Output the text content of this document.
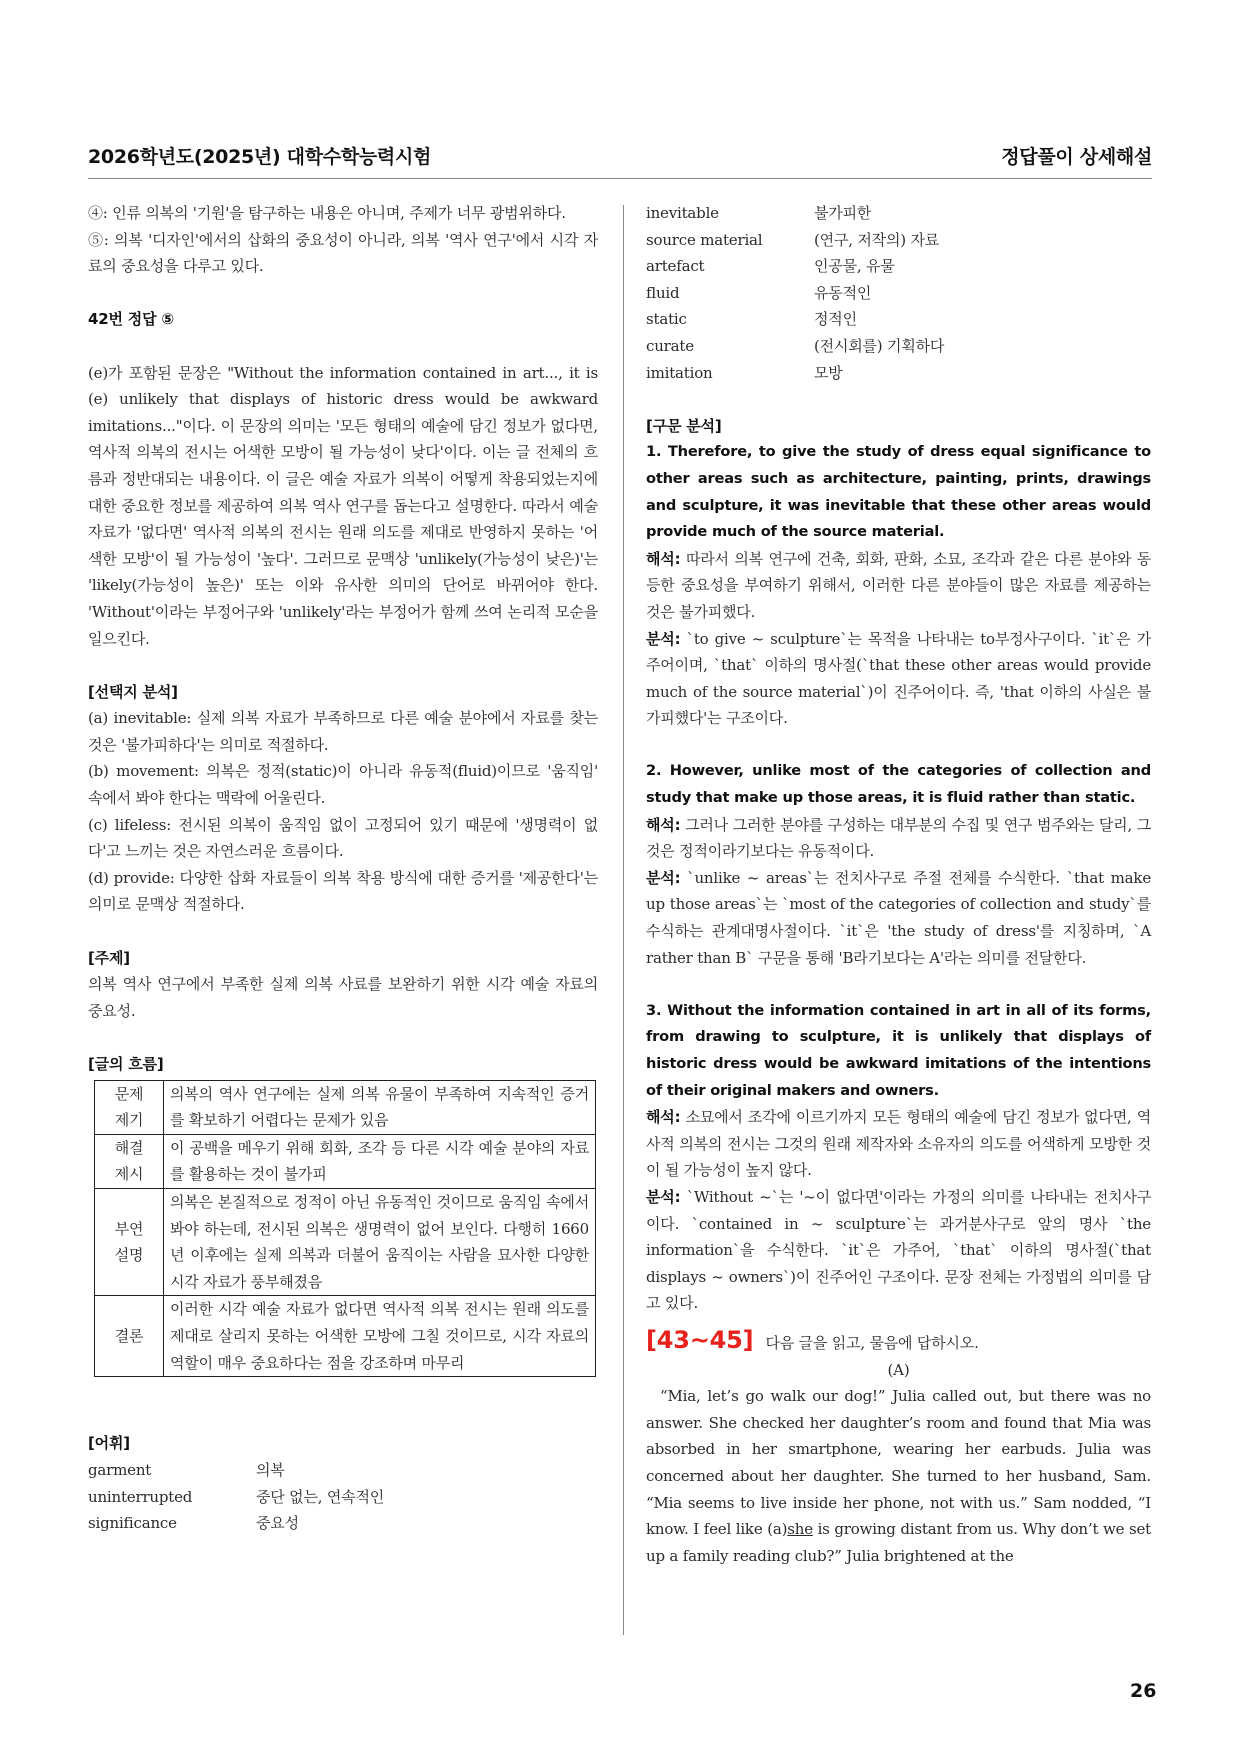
2026학년도(2025년) 대학수학능력시험	정답풀이 상세해설

④: 인류 의복의 '기원'을 탐구하는 내용은 아니며, 주제가 너무 광범위하다.

⑤: 의복 '디자인'에서의 삽화의 중요성이 아니라, 의복 '역사 연구'에서 시각 자료의 중요성을 다루고 있다.

42번 정답 ⑤

(e)가 포함된 문장은 "Without the information contained in art..., it is (e) unlikely that displays of historic dress would be awkward imitations..."이다. 이 문장의 의미는 '모든 형태의 예술에 담긴 정보가 없다면, 역사적 의복의 전시는 어색한 모방이 될 가능성이 낮다'이다. 이는 글 전체의 흐름과 정반대되는 내용이다. 이 글은 예술 자료가 의복이 어떻게 착용되었는지에 대한 중요한 정보를 제공하여 의복 역사 연구를 돕는다고 설명한다. 따라서 예술 자료가 '없다면' 역사적 의복의 전시는 원래 의도를 제대로 반영하지 못하는 '어색한 모방'이 될 가능성이 '높다'. 그러므로 문맥상 'unlikely(가능성이 낮은)'는 'likely(가능성이 높은)' 또는 이와 유사한 의미의 단어로 바뀌어야 한다. 'Without'이라는 부정어구와 'unlikely'라는 부정어가 함께 쓰여 논리적 모순을 일으킨다.

[선택지 분석]

(a) inevitable: 실제 의복 자료가 부족하므로 다른 예술 분야에서 자료를 찾는 것은 '불가피하다'는 의미로 적절하다.

(b) movement: 의복은 정적(static)이 아니라 유동적(fluid)이므로 '움직임' 속에서 봐야 한다는 맥락에 어울린다.

(c) lifeless: 전시된 의복이 움직임 없이 고정되어 있기 때문에 '생명력이 없다'고 느끼는 것은 자연스러운 흐름이다.

(d) provide: 다양한 삽화 자료들이 의복 착용 방식에 대한 증거를 '제공한다'는 의미로 문맥상 적절하다.

[주제]

의복 역사 연구에서 부족한 실제 의복 사료를 보완하기 위한 시각 예술 자료의 중요성.

[글의 흐름]

문제
제기	의복의 역사 연구에는 실제 의복 유물이 부족하여 지속적인 증거를 확보하기 어렵다는 문제가 있음

해결
제시	이 공백을 메우기 위해 회화, 조각 등 다른 시각 예술 분야의 자료를 활용하는 것이 불가피

부연
설명	의복은 본질적으로 정적이 아닌 유동적인 것이므로 움직임 속에서 봐야 하는데, 전시된 의복은 생명력이 없어 보인다. 다행히 1660년 이후에는 실제 의복과 더불어 움직이는 사람을 묘사한 다양한 시각 자료가 풍부해졌음

결론	이러한 시각 예술 자료가 없다면 역사적 의복 전시는 원래 의도를 제대로 살리지 못하는 어색한 모방에 그칠 것이므로, 시각 자료의 역할이 매우 중요하다는 점을 강조하며 마무리

[어휘]

garment	의복
uninterrupted	중단 없는, 연속적인
significance	중요성
inevitable	불가피한
source material	(연구, 저작의) 자료
artefact	인공물, 유물
fluid	유동적인
static	정적인
curate	(전시회를) 기획하다
imitation	모방

[구문 분석]

1. Therefore, to give the study of dress equal significance to other areas such as architecture, painting, prints, drawings and sculpture, it was inevitable that these other areas would provide much of the source material.

해석: 따라서 의복 연구에 건축, 회화, 판화, 소묘, 조각과 같은 다른 분야와 동등한 중요성을 부여하기 위해서, 이러한 다른 분야들이 많은 자료를 제공하는 것은 불가피했다.

분석: `to give ~ sculpture`는 목적을 나타내는 to부정사구이다. `it`은 가주어이며, `that` 이하의 명사절(`that these other areas would provide much of the source material`)이 진주어이다. 즉, 'that 이하의 사실은 불가피했다'는 구조이다.

2. However, unlike most of the categories of collection and study that make up those areas, it is fluid rather than static.

해석: 그러나 그러한 분야를 구성하는 대부분의 수집 및 연구 범주와는 달리, 그것은 정적이라기보다는 유동적이다.

분석: `unlike ~ areas`는 전치사구로 주절 전체를 수식한다. `that make up those areas`는 `most of the categories of collection and study`를 수식하는 관계대명사절이다. `it`은 'the study of dress'를 지칭하며, `A rather than B` 구문을 통해 'B라기보다는 A'라는 의미를 전달한다.

3. Without the information contained in art in all of its forms, from drawing to sculpture, it is unlikely that displays of historic dress would be awkward imitations of the intentions of their original makers and owners.

해석: 소묘에서 조각에 이르기까지 모든 형태의 예술에 담긴 정보가 없다면, 역사적 의복의 전시는 그것의 원래 제작자와 소유자의 의도를 어색하게 모방한 것이 될 가능성이 높지 않다.

분석: `Without ~`는 '~이 없다면'이라는 가정의 의미를 나타내는 전치사구이다. `contained in ~ sculpture`는 과거분사구로 앞의 명사 `the information`을 수식한다. `it`은 가주어, `that` 이하의 명사절(`that displays ~ owners`)이 진주어인 구조이다. 문장 전체는 가정법의 의미를 담고 있다.

[43~45] 다음 글을 읽고, 물음에 답하시오.

(A)

“Mia, let’s go walk our dog!” Julia called out, but there was no answer. She checked her daughter’s room and found that Mia was absorbed in her smartphone, wearing her earbuds. Julia was concerned about her daughter. She turned to her husband, Sam. “Mia seems to live inside her phone, not with us.” Sam nodded, “I know. I feel like (a)she is growing distant from us. Why don’t we set up a family reading club?” Julia brightened at the

26
